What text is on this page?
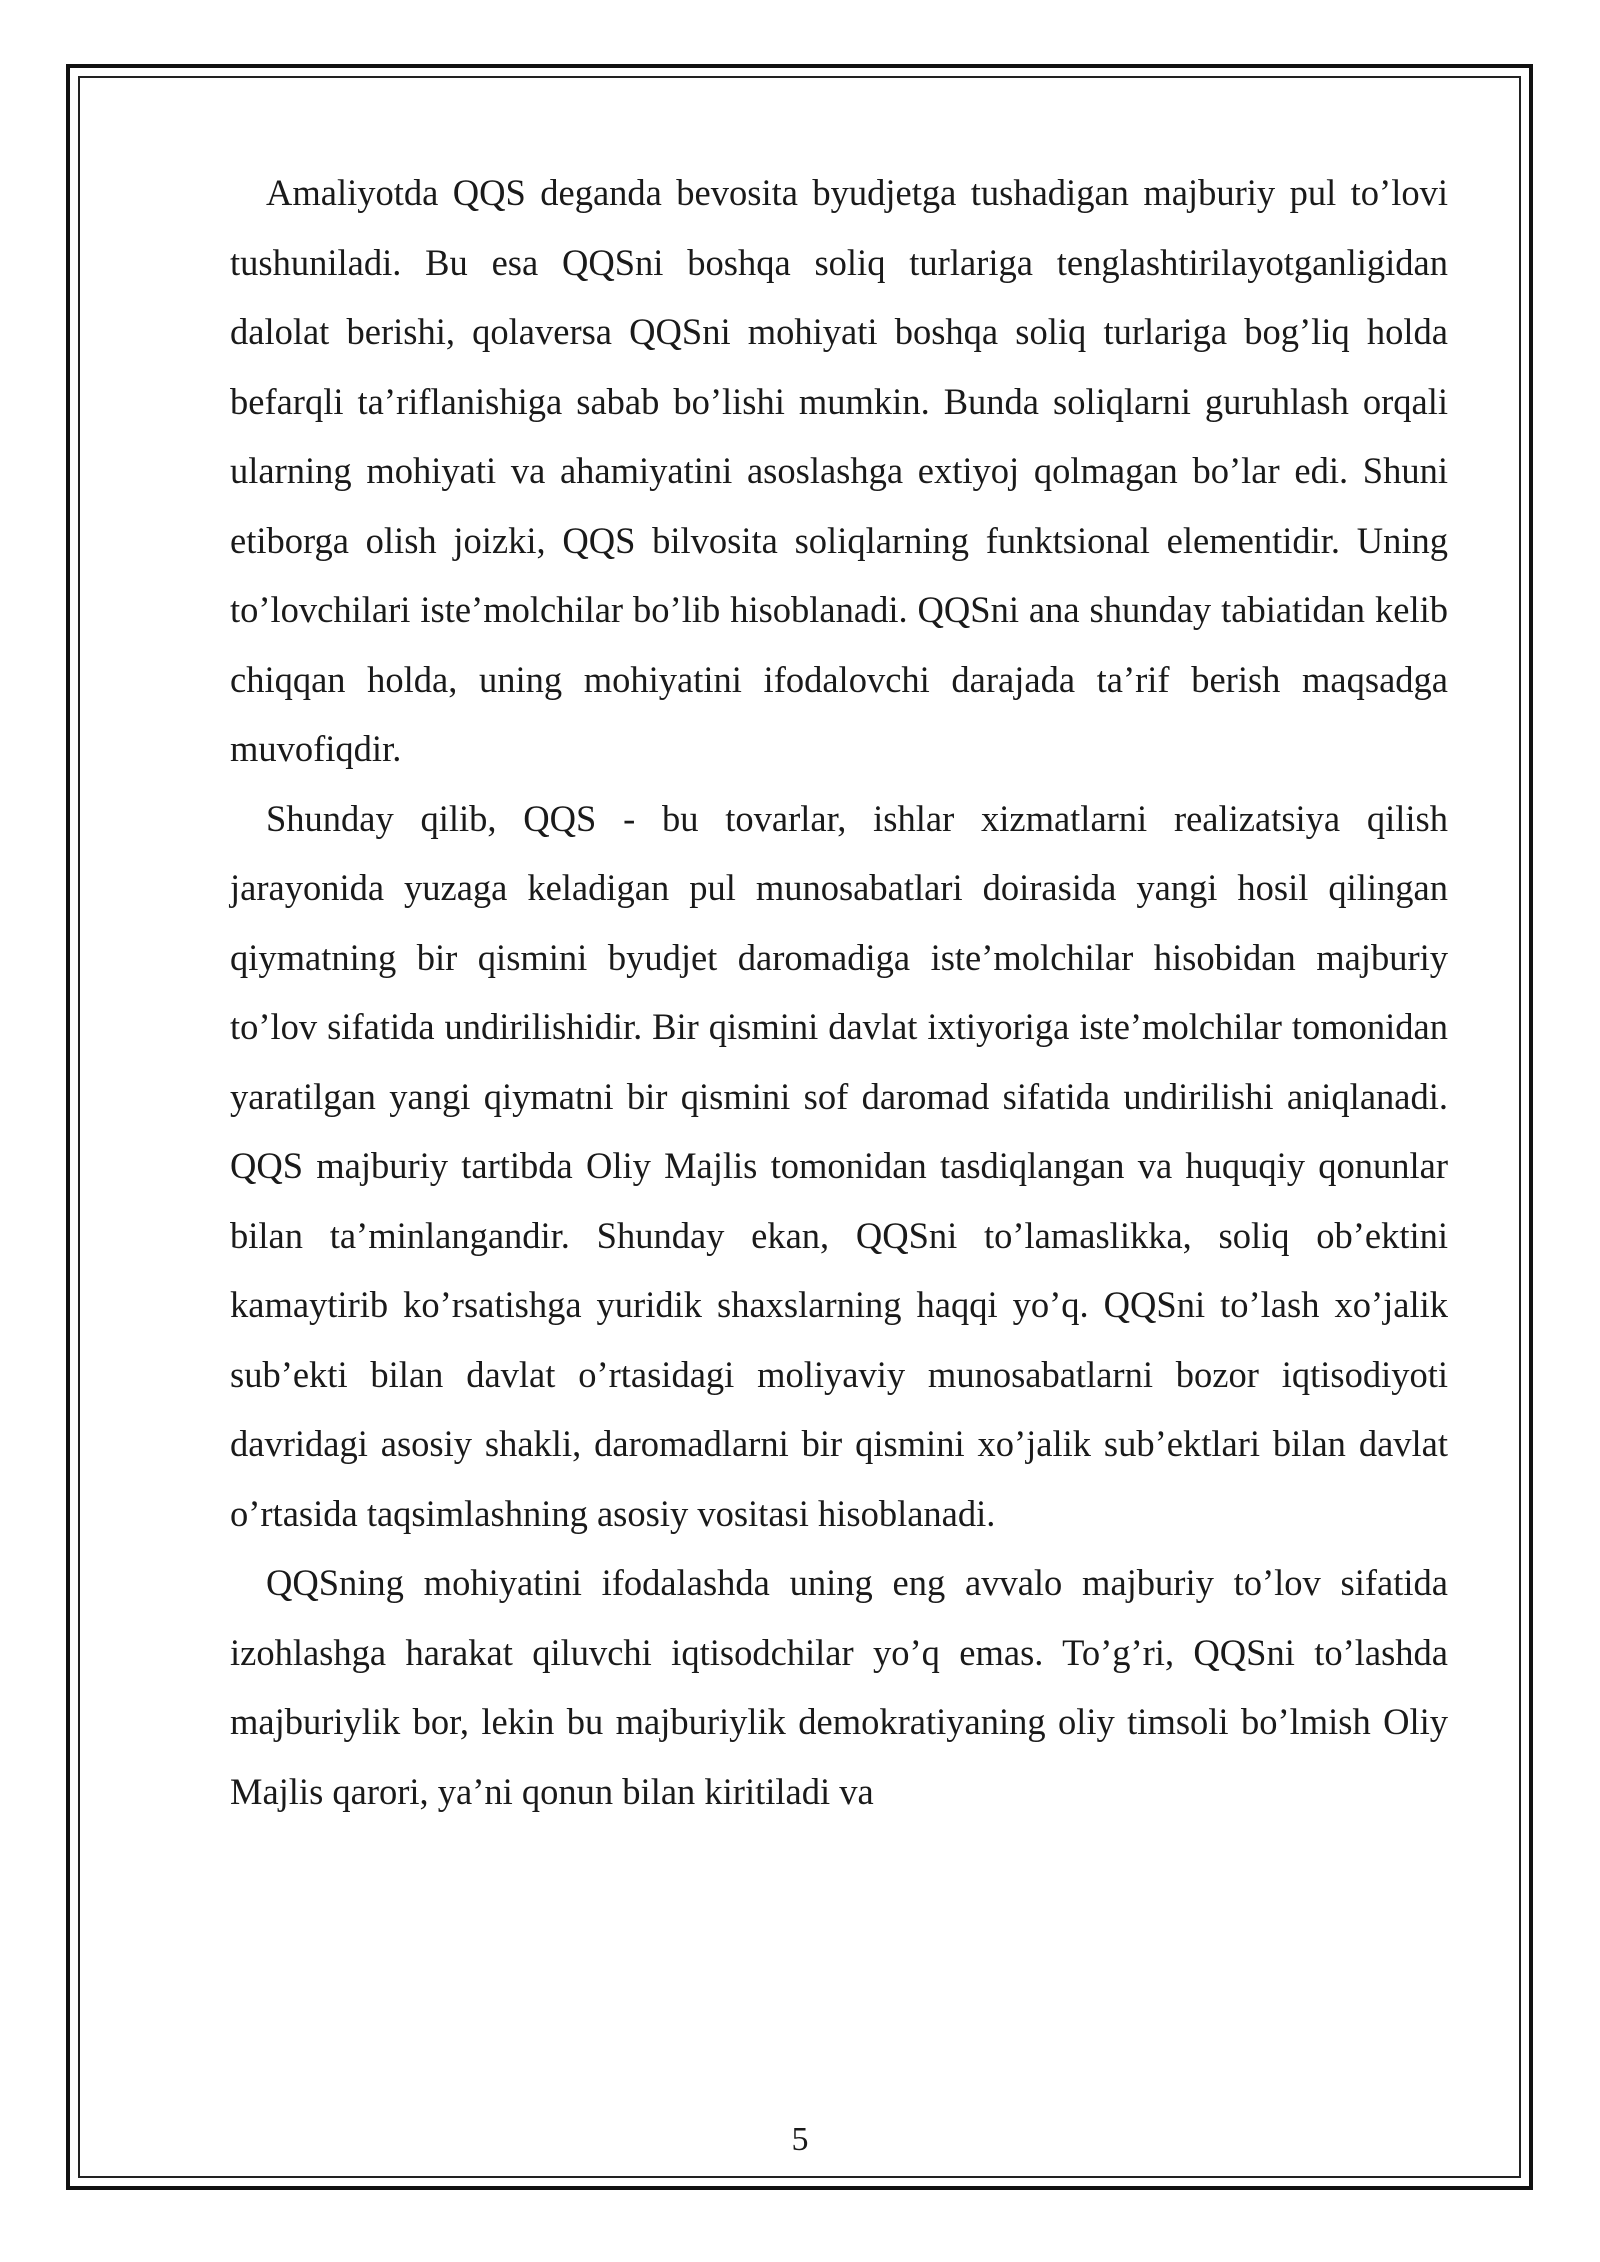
Amaliyotda QQS deganda bevosita byudjetga tushadigan majburiy pul to’lovi tushuniladi. Bu esa QQSni boshqa soliq turlariga tenglashtirilayotganligidan dalolat berishi, qolaversa QQSni mohiyati boshqa soliq turlariga bog’liq holda befarqli ta’riflanishiga sabab bo’lishi mumkin. Bunda soliqlarni guruhlash orqali ularning mohiyati va ahamiyatini asoslashga extiyoj qolmagan bo’lar edi. Shuni etiborga olish joizki, QQS bilvosita soliqlarning funktsional elementidir. Uning to’lovchilari iste’molchilar bo’lib hisoblanadi. QQSni ana shunday tabiatidan kelib chiqqan holda, uning mohiyatini ifodalovchi darajada ta’rif berish maqsadga muvofiqdir.

Shunday qilib, QQS - bu tovarlar, ishlar xizmatlarni realizatsiya qilish jarayonida yuzaga keladigan pul munosabatlari doirasida yangi hosil qilingan qiymatning bir qismini byudjet daromadiga iste’molchilar hisobidan majburiy to’lov sifatida undirilishidir. Bir qismini davlat ixtiyoriga iste’molchilar tomonidan yaratilgan yangi qiymatni bir qismini sof daromad sifatida undirilishi aniqlanadi. QQS majburiy tartibda Oliy Majlis tomonidan tasdiqlangan va huquqiy qonunlar bilan ta’minlangandir. Shunday ekan, QQSni to’lamaslikka, soliq ob’ektini kamaytirib ko’rsatishga yuridik shaxslarning haqqi yo’q. QQSni to’lash xo’jalik sub’ekti bilan davlat o’rtasidagi moliyaviy munosabatlarni bozor iqtisodiyoti davridagi asosiy shakli, daromadlarni bir qismini xo’jalik sub’ektlari bilan davlat o’rtasida taqsimlashning asosiy vositasi hisoblanadi.

QQSning mohiyatini ifodalashda uning eng avvalo majburiy to’lov sifatida izohlashga harakat qiluvchi iqtisodchilar yo’q emas. To’g’ri, QQSni to’lashda majburiylik bor, lekin bu majburiylik demokratiyaning oliy timsoli bo’lmish Oliy Majlis qarori, ya’ni qonun bilan kiritiladi va

5
